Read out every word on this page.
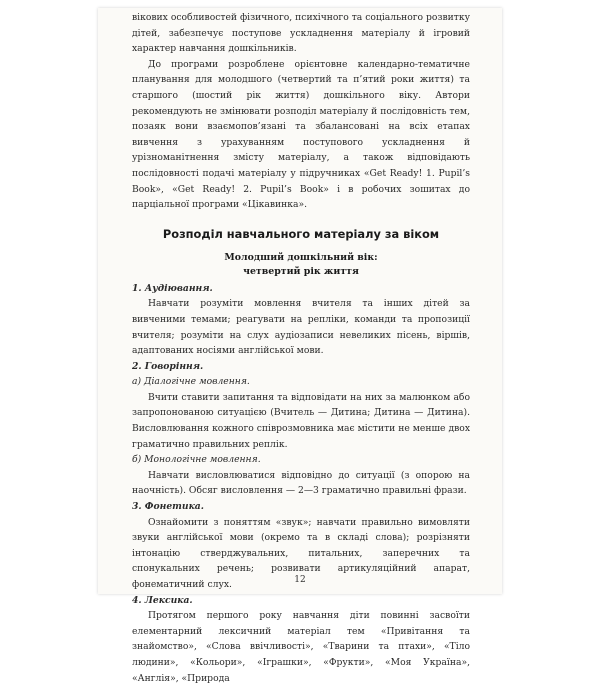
вікових особливостей фізичного, психічного та соціального розвитку дітей, забезпечує поступове ускладнення матеріалу й ігровий характер навчання дошкільників.

До програми розроблене орієнтовне календарно-тематичне планування для молодшого (четвертий та п’ятий роки життя) та старшого (шостий рік життя) дошкільного віку. Автори рекомендують не змінювати розподіл матеріалу й послідовність тем, позаяк вони взаємопов’язані та збалансовані на всіх етапах вивчення з урахуванням поступового ускладнення й урізноманітнення змісту матеріалу, а також відповідають послідовності подачі матеріалу у підручниках «Get Ready! 1. Pupil’s Book», «Get Ready! 2. Pupil’s Book» і в робочих зошитах до парціальної програми «Цікавинка».

Розподіл навчального матеріалу за віком
Молодший дошкільний вік:
четвертий рік життя

1. Аудіювання.

Навчати розуміти мовлення вчителя та інших дітей за вивченими темами; реагувати на репліки, команди та пропозиції вчителя; розуміти на слух аудіозаписи невеликих пісень, віршів, адаптованих носіями англійської мови.

2. Говоріння.

а) Діалогічне мовлення.

Вчити ставити запитання та відповідати на них за малюнком або запропонованою ситуацією (Вчитель — Дитина; Дитина — Дитина). Висловлювання кожного співрозмовника має містити не менше двох граматично правильних реплік.

б) Монологічне мовлення.

Навчати висловлюватися відповідно до ситуації (з опорою на наочність). Обсяг висловлення — 2—3 граматично правильні фрази.

3. Фонетика.

Ознайомити з поняттям «звук»; навчати правильно вимовляти звуки англійської мови (окремо та в складі слова); розрізняти інтонацію стверджувальних, питальних, заперечних та спонукальних речень; розвивати артикуляційний апарат, фонематичний слух.

4. Лексика.

Протягом першого року навчання діти повинні засвоїти елементарний лексичний матеріал тем «Привітання та знайомство», «Слова ввічливості», «Тварини та птахи», «Тіло людини», «Кольори», «Іграшки», «Фрукти», «Моя Україна», «Англія», «Природа

12
